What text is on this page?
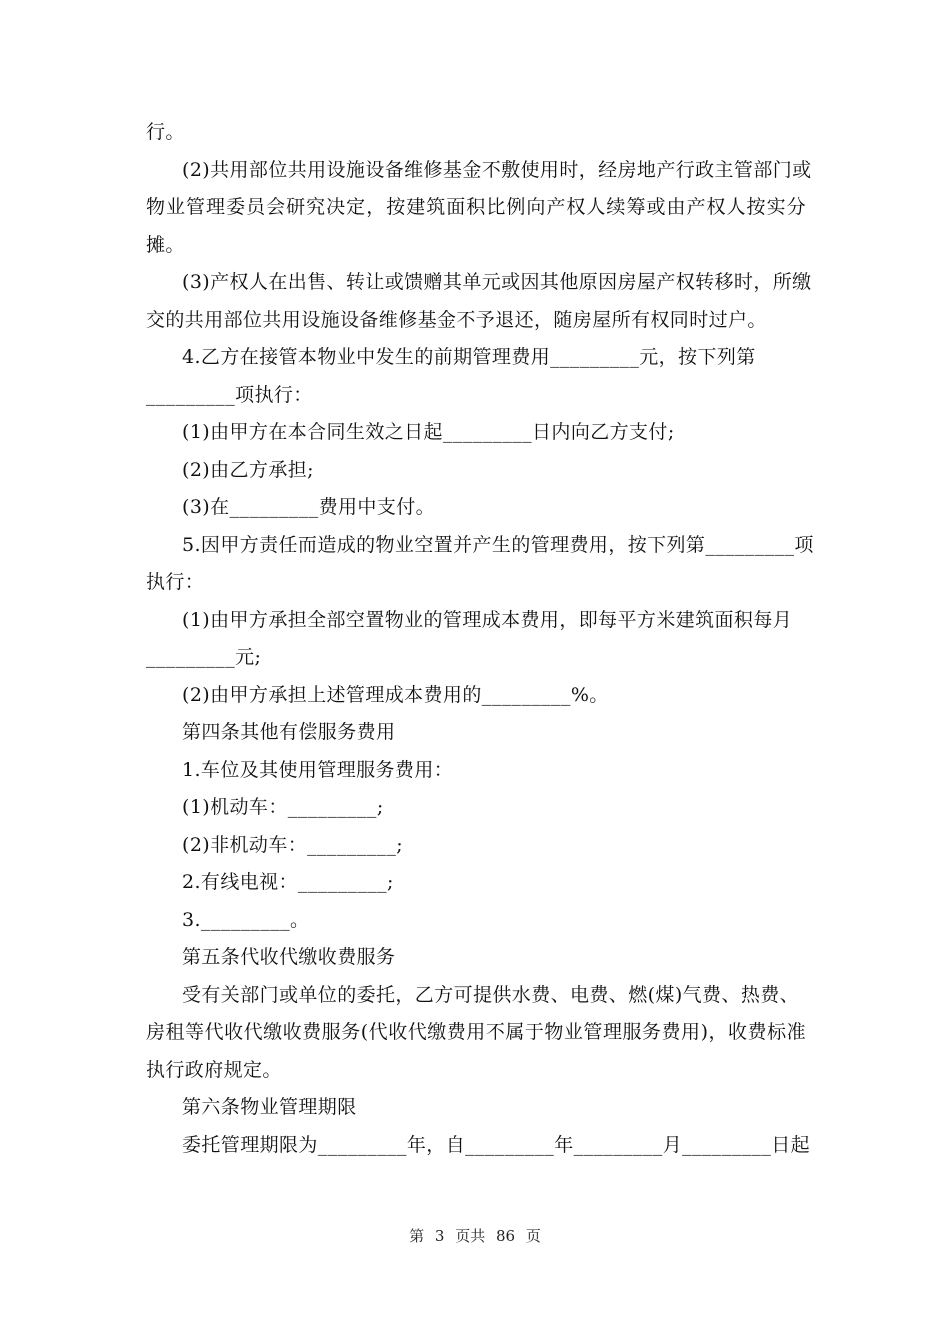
行。
(2)共用部位共用设施设备维修基金不敷使用时，经房地产行政主管部门或
物业管理委员会研究决定，按建筑面积比例向产权人续筹或由产权人按实分
摊。
(3)产权人在出售、转让或馈赠其单元或因其他原因房屋产权转移时，所缴
交的共用部位共用设施设备维修基金不予退还，随房屋所有权同时过户。
4.乙方在接管本物业中发生的前期管理费用_________元，按下列第
_________项执行：
(1)由甲方在本合同生效之日起_________日内向乙方支付;
(2)由乙方承担;
(3)在_________费用中支付。
5.因甲方责任而造成的物业空置并产生的管理费用，按下列第_________项
执行：
(1)由甲方承担全部空置物业的管理成本费用，即每平方米建筑面积每月
_________元;
(2)由甲方承担上述管理成本费用的_________%。
第四条其他有偿服务费用
1.车位及其使用管理服务费用：
(1)机动车：_________;
(2)非机动车：_________;
2.有线电视：_________;
3._________。
第五条代收代缴收费服务
受有关部门或单位的委托，乙方可提供水费、电费、燃(煤)气费、热费、
房租等代收代缴收费服务(代收代缴费用不属于物业管理服务费用)，收费标准
执行政府规定。
第六条物业管理期限
委托管理期限为_________年，自_________年_________月_________日起
第 3 页共 86 页
